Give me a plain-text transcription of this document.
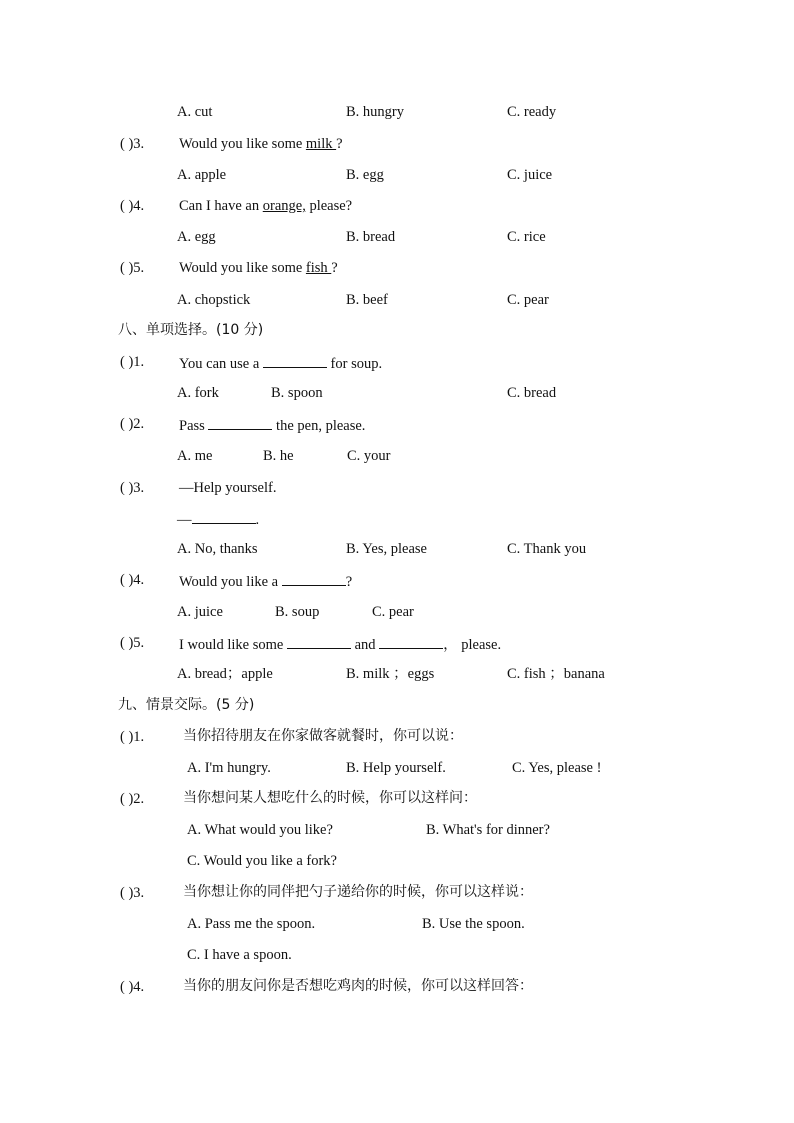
A. cut	B. hungry	C. ready
( )3. Would you like some milk ?
A. apple	B. egg	C. juice
( )4. Can I have an orange, please?
A. egg	B. bread	C. rice
( )5. Would you like some fish ?
A. chopstick	B. beef	C. pear
八、单项选择。(10 分)
( )1. You can use a	for soup.
A. fork	B. spoon	C. bread
( )2. Pass	the pen, please.
A. me	B. he	C. your
( )3. —Help yourself.
—	.
A. No, thanks	B. Yes, please	C. Thank you
( )4. Would you like a	?
A. juice	B. soup	C. pear
( )5. I would like some	and	， please.
A. bread；apple	B. milk ；eggs	C. fish ；banana
九、情景交际。(5 分)
( )1.	当你招待朋友在你家做客就餐时，你可以说：
A. I'm hungry.	B. Help yourself.	C. Yes, please !
( )2.	当你想问某人想吃什么的时候，你可以这样问：
A. What would you like?	B. What's for dinner?
C. Would you like a fork?
( )3.	当你想让你的同伴把勺子递给你的时候，你可以这样说：
A. Pass me the spoon.	B. Use the spoon.
C. I have a spoon.
( )4.	当你的朋友问你是否想吃鸡肉的时候，你可以这样回答：
